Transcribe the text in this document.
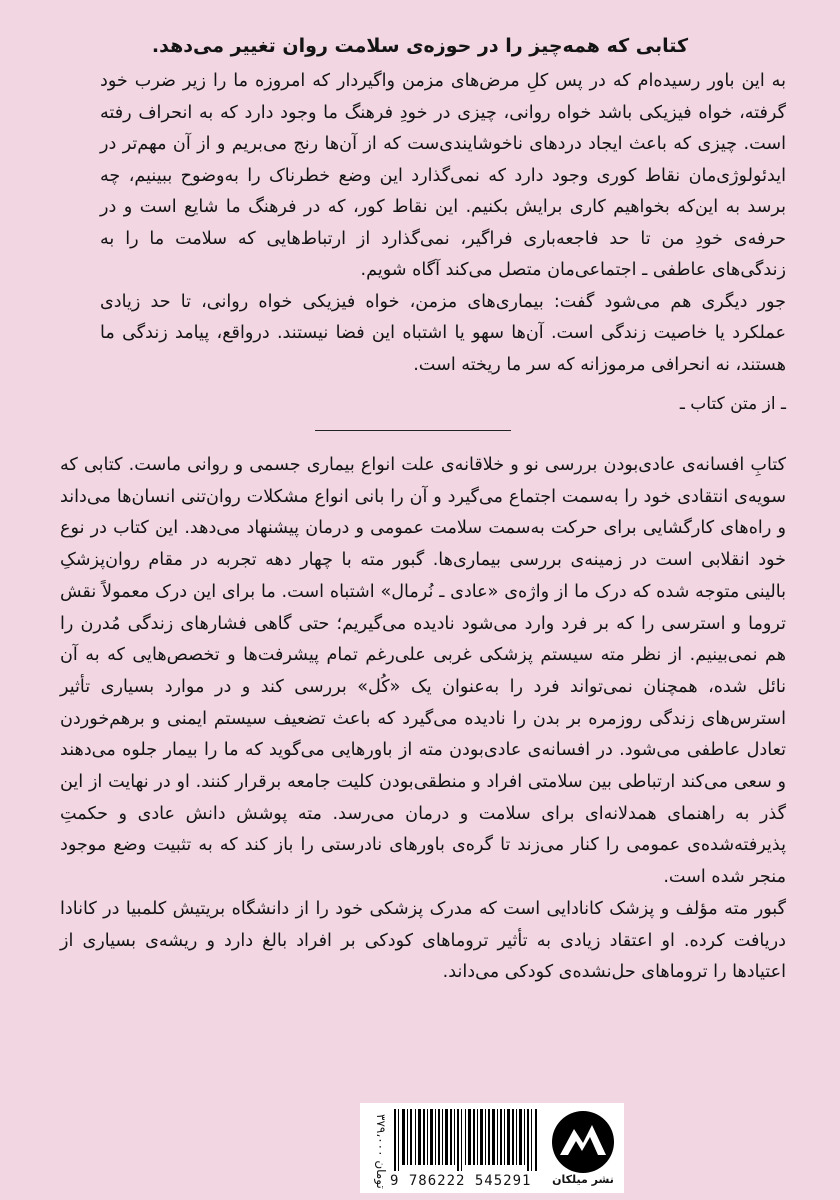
کتابی که همه‌چیز را در حوزه‌ی سلامت روان تغییر می‌دهد.

به این باور رسیده‌ام که در پس کلِ مرض‌های مزمن واگیردار که امروزه ما را زیر ضرب خود گرفته، خواه فیزیکی باشد خواه روانی، چیزی در خودِ فرهنگ ما وجود دارد که به انحراف رفته است. چیزی که باعث ایجاد دردهای ناخوشایندی‌ست که از آن‌ها رنج می‌بریم و از آن مهم‌تر در ایدئولوژی‌مان نقاط کوری وجود دارد که نمی‌گذارد این وضع خطرناک را به‌وضوح ببینیم، چه برسد به این‌که بخواهیم کاری برایش بکنیم. این نقاط کور، که در فرهنگ ما شایع است و در حرفه‌ی خودِ من تا حد فاجعه‌باری فراگیر، نمی‌گذارد از ارتباط‌هایی که سلامت ما را به زندگی‌های عاطفی ـ اجتماعی‌مان متصل می‌کند آگاه شویم.

جور دیگری هم می‌شود گفت: بیماری‌های مزمن، خواه فیزیکی خواه روانی، تا حد زیادی عملکرد یا خاصیت زندگی است. آن‌ها سهو یا اشتباه این فضا نیستند. درواقع، پیامد زندگی ما هستند، نه انحرافی مرموزانه که سر ما ریخته است.

ـ از متن کتاب ـ

کتابِ افسانه‌ی عادی‌بودن بررسی نو و خلاقانه‌ی علت انواع بیماری جسمی و روانی ماست. کتابی که سویه‌ی انتقادی خود را به‌سمت اجتماع می‌گیرد و آن را بانی انواع مشکلات روان‌تنی انسان‌ها می‌داند و راه‌های کارگشایی برای حرکت به‌سمت سلامت عمومی و درمان پیشنهاد می‌دهد. این کتاب در نوع خود انقلابی است در زمینه‌ی بررسی بیماری‌ها. گبور مته با چهار دهه تجربه در مقام روان‌پزشکِ بالینی متوجه شده که درک ما از واژه‌ی «عادی ـ نُرمال» اشتباه است. ما برای این درک معمولاً نقش تروما و استرسی را که بر فرد وارد می‌شود نادیده می‌گیریم؛ حتی گاهی فشارهای زندگی مُدرن را هم نمی‌بینیم. از نظر مته سیستم پزشکی غربی علی‌رغم تمام پیشرفت‌ها و تخصص‌هایی که به آن نائل شده، همچنان نمی‌تواند فرد را به‌عنوان یک «کُل» بررسی کند و در موارد بسیاری تأثیر استرس‌های زندگی روزمره بر بدن را نادیده می‌گیرد که باعث تضعیف سیستم ایمنی و برهم‌خوردن تعادل عاطفی می‌شود. در افسانه‌ی عادی‌بودن مته از باورهایی می‌گوید که ما را بیمار جلوه می‌دهند و سعی می‌کند ارتباطی بین سلامتی افراد و منطقی‌بودن کلیت جامعه برقرار کنند. او در نهایت از این گذر به راهنمای همدلانه‌ای برای سلامت و درمان می‌رسد. مته پوشش دانش عادی و حکمتِ پذیرفته‌شده‌ی عمومی را کنار می‌زند تا گره‌ی باورهای نادرستی را باز کند که به تثبیت وضع موجود منجر شده است.

گبور مته مؤلف و پزشک کانادایی است که مدرک پزشکی خود را از دانشگاه بریتیش کلمبیا در کانادا دریافت کرده. او اعتقاد زیادی به تأثیر تروماهای کودکی بر افراد بالغ دارد و ریشه‌ی بسیاری از اعتیادها را تروماهای حل‌نشده‌ی کودکی می‌داند.

۳۷۹،۰۰۰ تومان 9 786222 545291	نشر میلکان
